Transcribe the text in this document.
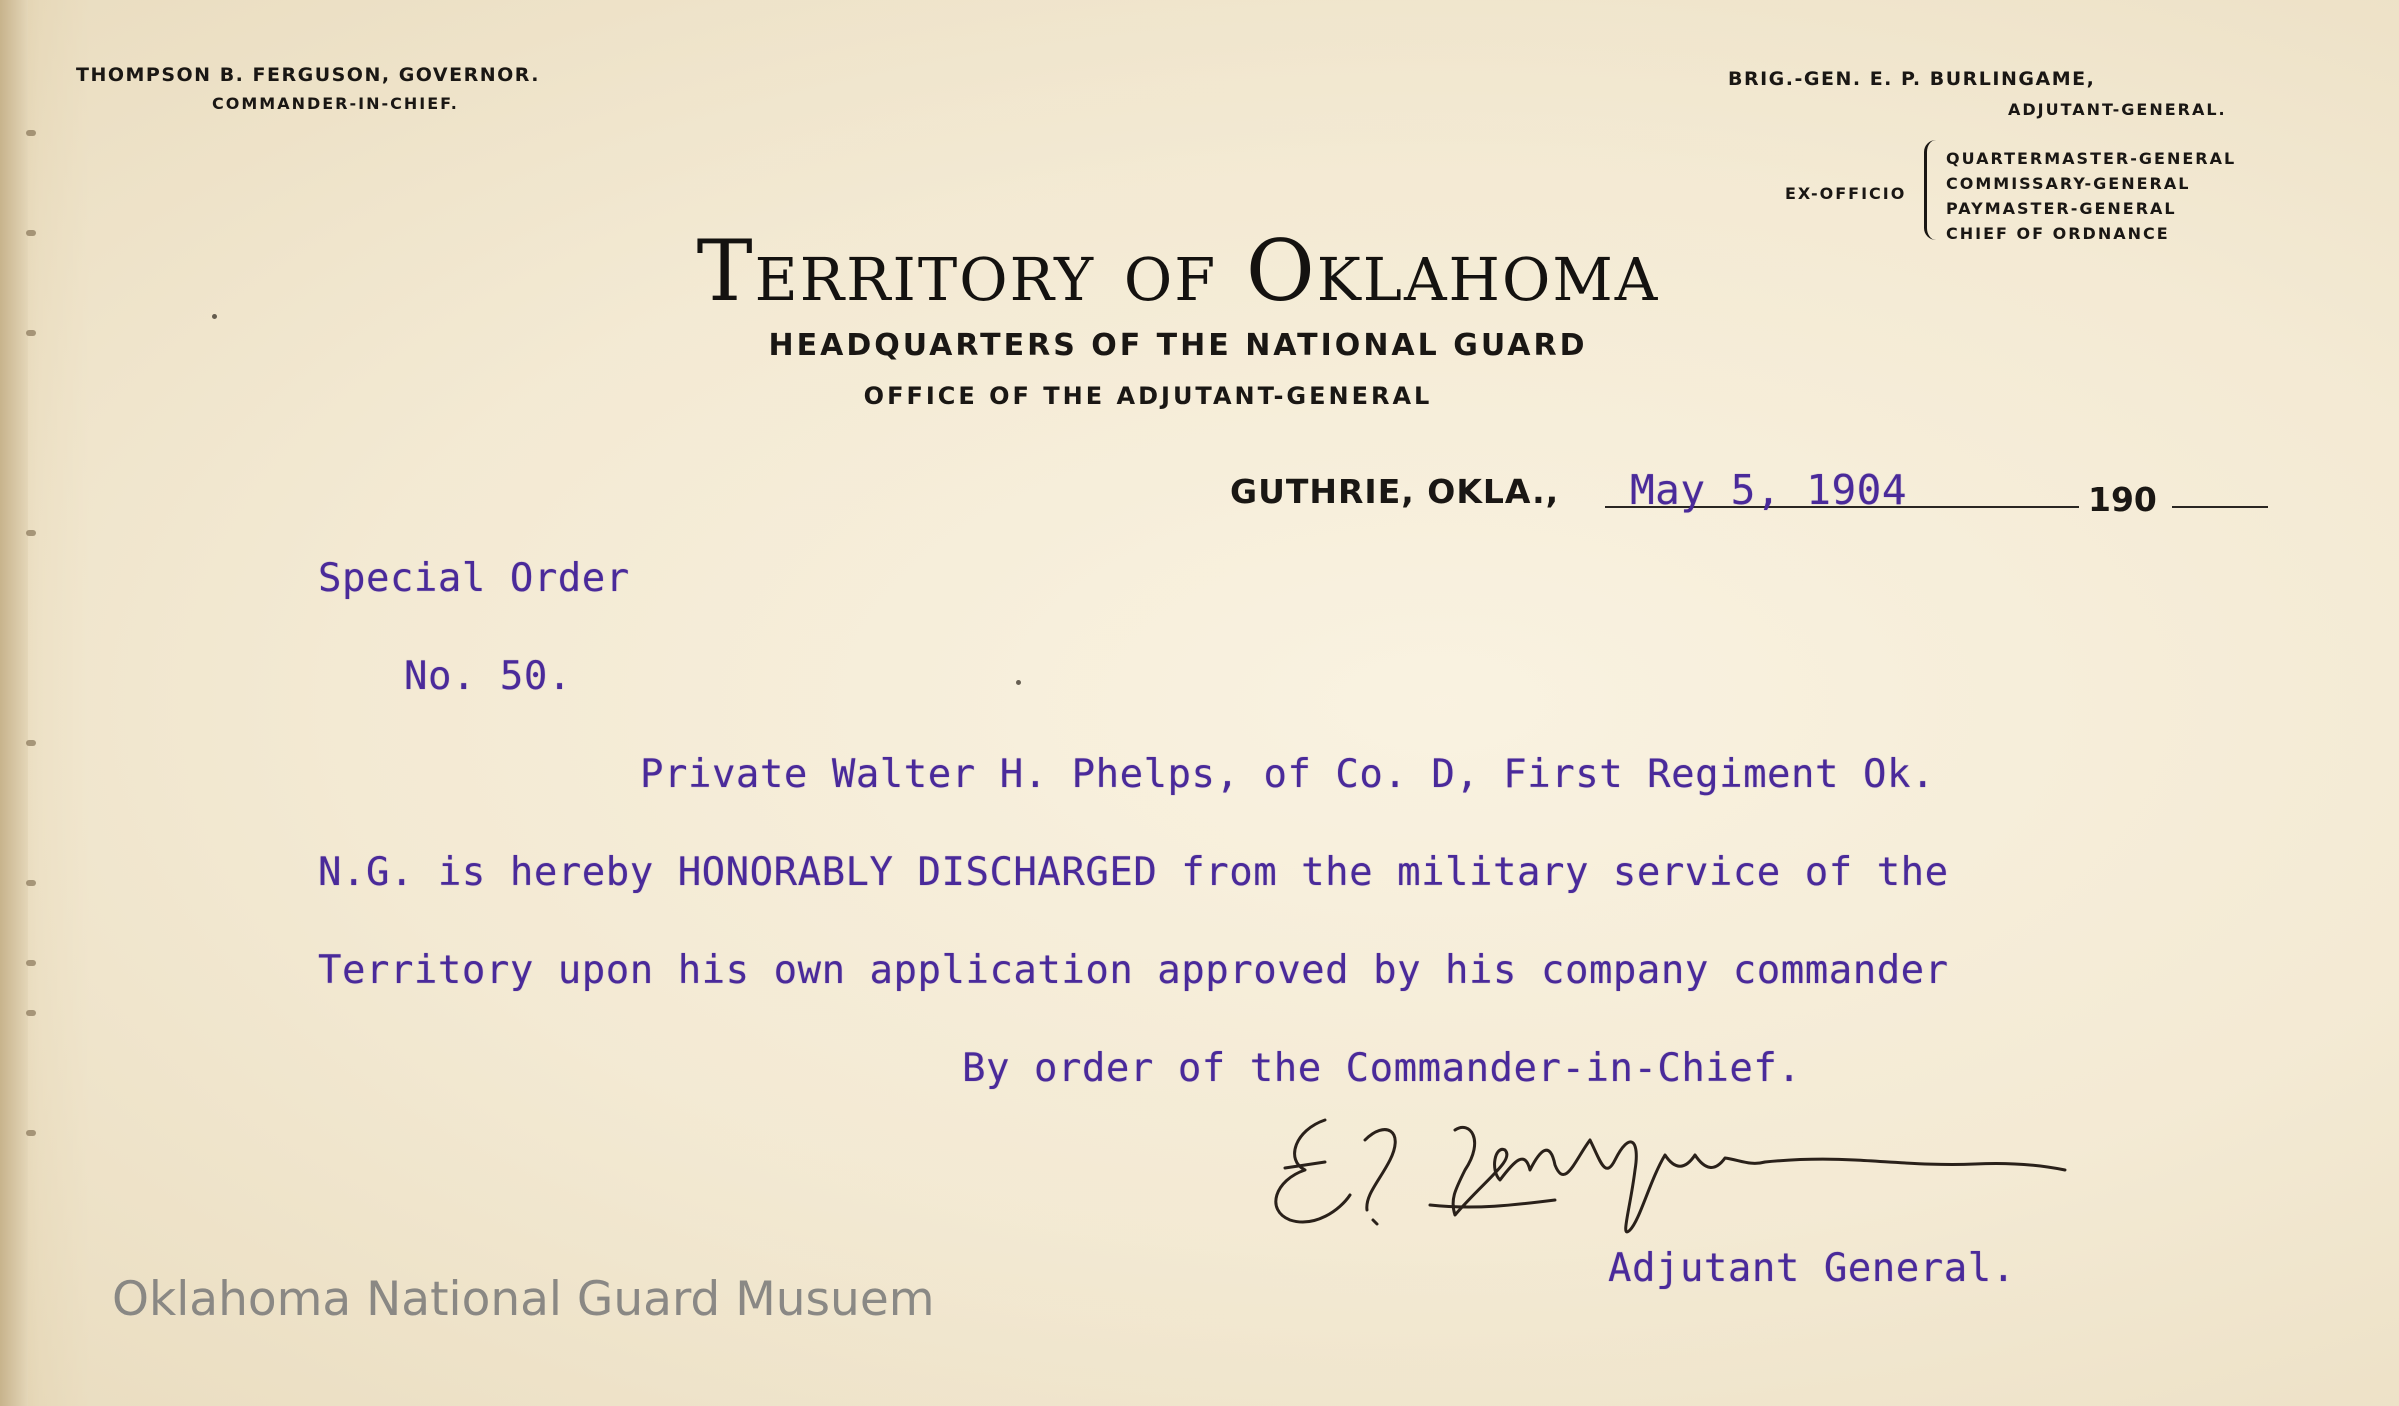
THOMPSON B. FERGUSON, GOVERNOR.
COMMANDER-IN-CHIEF.
BRIG.-GEN. E. P. BURLINGAME,
ADJUTANT-GENERAL.
EX-OFFICIO
QUARTERMASTER-GENERAL
COMMISSARY-GENERAL
PAYMASTER-GENERAL
CHIEF OF ORDNANCE
Territory of Oklahoma
HEADQUARTERS OF THE NATIONAL GUARD
OFFICE OF THE ADJUTANT-GENERAL
GUTHRIE, OKLA., May 5, 1904	190
Special Order
No. 50.
Private Walter H. Phelps, of Co. D, First Regiment Ok.
N.G. is hereby HONORABLY DISCHARGED from the military service of the
Territory upon his own application approved by his company commander
By order of the Commander-in-Chief.
E. P. Burlingame
Adjutant General.
Oklahoma National Guard Musuem
